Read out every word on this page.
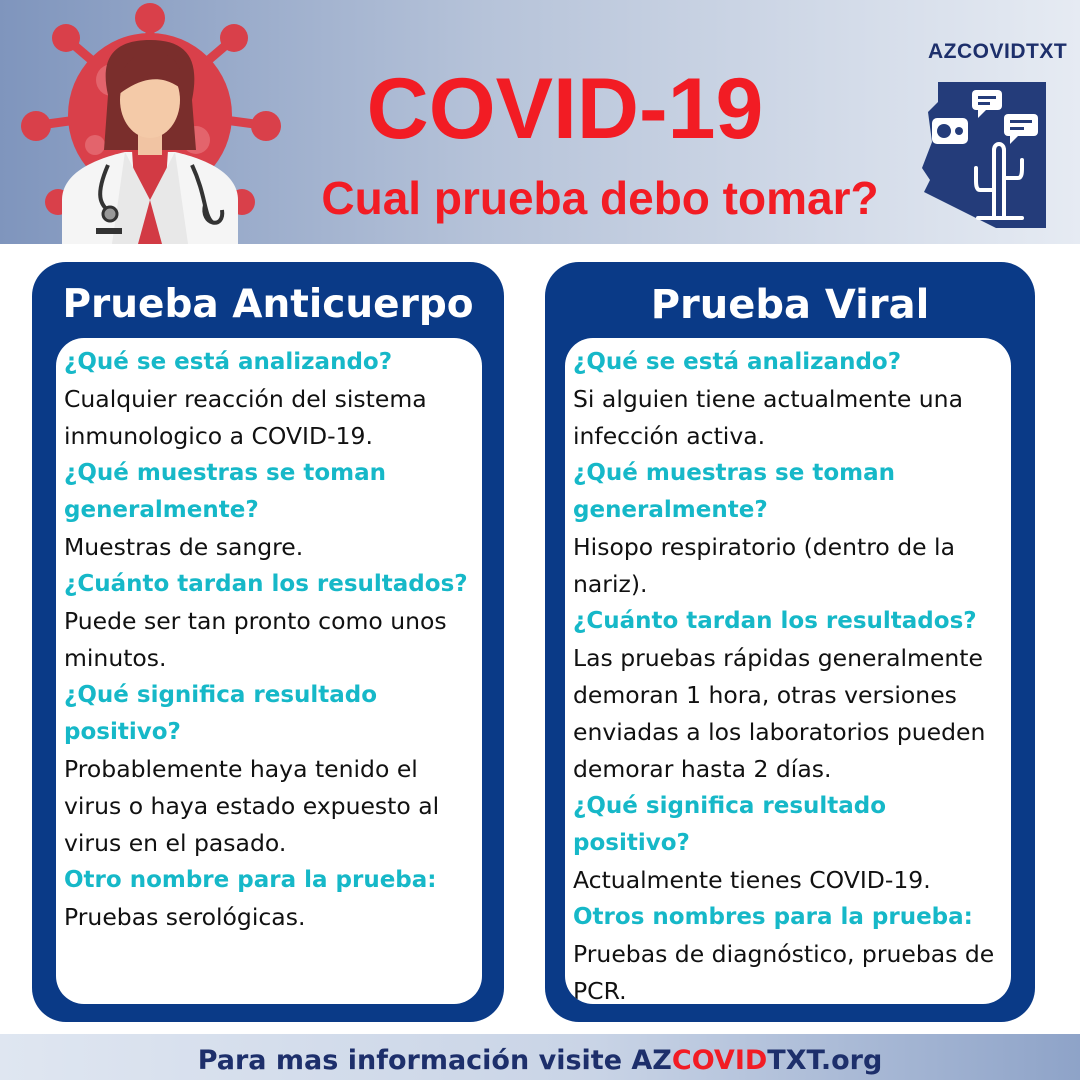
COVID-19
Cual prueba debo tomar?
AZCOVIDTXT
Prueba Anticuerpo

¿Qué se está analizando?

Cualquier reacción del sistema inmunologico a COVID-19.

¿Qué muestras se toman generalmente?

Muestras de sangre.

¿Cuánto tardan los resultados?

Puede ser tan pronto como unos minutos.

¿Qué significa resultado positivo?

Probablemente haya tenido el virus o haya estado expuesto al virus en el pasado.

Otro nombre para la prueba:

Pruebas serológicas.

Prueba Viral

¿Qué se está analizando?

Si alguien tiene actualmente una infección activa.

¿Qué muestras se toman generalmente?

Hisopo respiratorio (dentro de la nariz).

¿Cuánto tardan los resultados?

Las pruebas rápidas generalmente demoran 1 hora, otras versiones enviadas a los laboratorios pueden demorar hasta 2 días.

¿Qué significa resultado positivo?

Actualmente tienes COVID-19.

Otros nombres para la prueba:

Pruebas de diagnóstico, pruebas de PCR.

Para mas información visite AZCOVIDTXT.org
